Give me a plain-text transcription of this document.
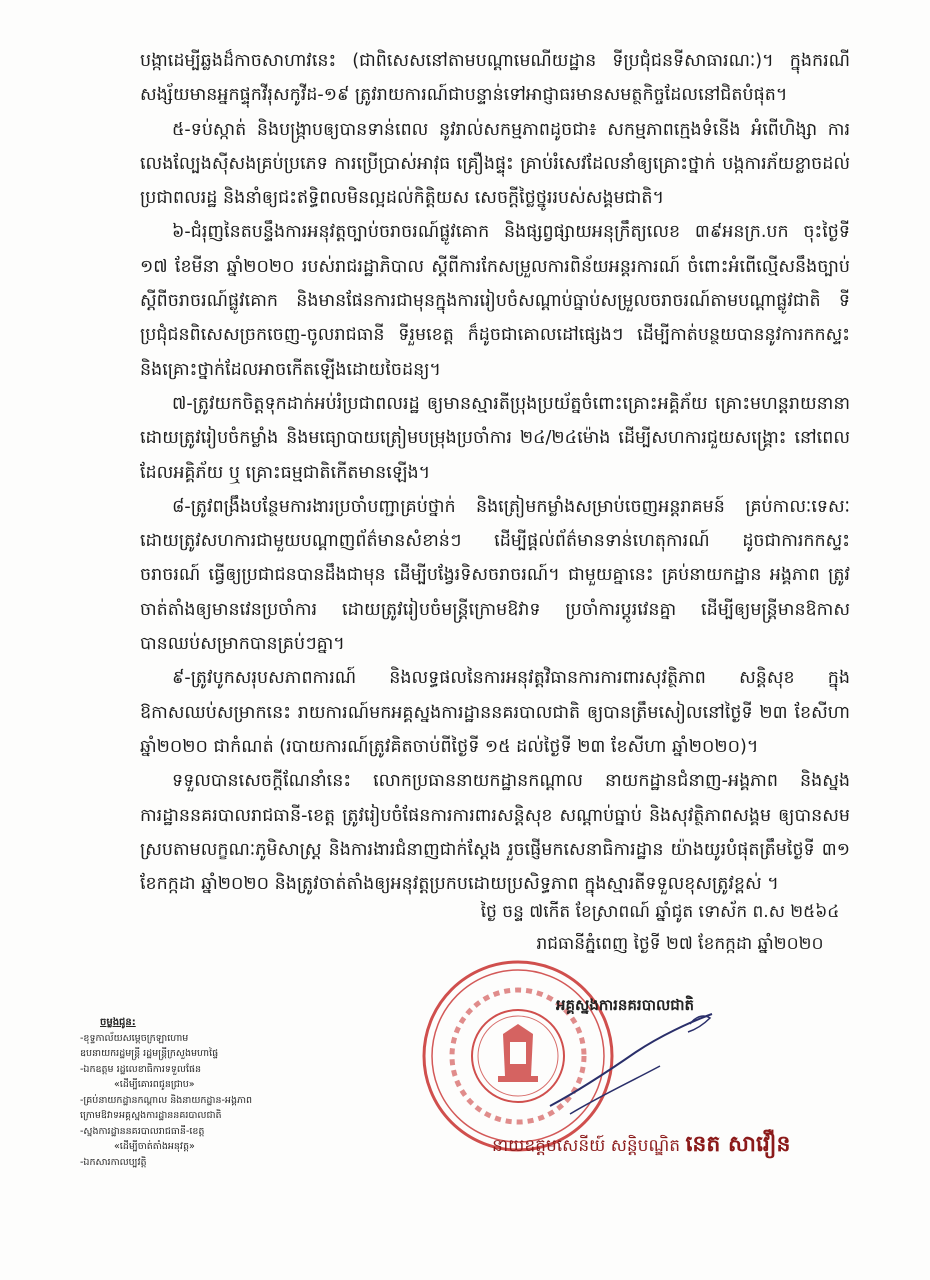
បង្កាដេម្បីឆ្លងដ៏កាចសាហាវនេះ (ជាពិសេសនៅតាមបណ្តាមេណីយដ្ឋាន ទីប្រជុំជនទីសាធារណៈ)។ ក្នុងករណីសង្ស័យមានអ្នកផ្ទុកវីរុសកូវីដ-១៩ ត្រូវរាយការណ៍ជាបន្ទាន់ទៅអាជ្ញាធរមានសមត្ថកិច្ចដែលនៅជិតបំផុត។

៥-ទប់ស្កាត់ និងបង្ក្រាបឲ្យបានទាន់ពេល នូវរាល់សកម្មភាពដូចជា៖ សកម្មភាពក្មេងទំនើង អំពើហិង្សា ការលេងល្បែងស៊ីសងគ្រប់ប្រភេទ ការប្រើប្រាស់អាវុធ គ្រឿងផ្ទុះ គ្រាប់រំសេវដែលនាំឲ្យគ្រោះថ្នាក់ បង្កការភ័យខ្លាចដល់ប្រជាពលរដ្ឋ និងនាំឲ្យជះឥទ្ធិពលមិនល្អដល់កិត្តិយស សេចក្តីថ្លៃថ្នូររបស់សង្គមជាតិ។

៦-ជំរុញនៃតបន្ទឹងការអនុវត្តច្បាប់ចរាចរណ៍ផ្លូវគោក និងផ្សព្វផ្សាយអនុក្រឹត្យលេខ ៣៩អនក្រ.បក ចុះថ្ងៃទី ១៧ ខែមីនា ឆ្នាំ២០២០ របស់រាជរដ្ឋាភិបាល ស្តីពីការកែសម្រួលការពិន័យអន្តរការណ៍ ចំពោះអំពើល្មើសនឹងច្បាប់ស្តីពីចរាចរណ៍ផ្លូវគោក និងមានផែនការជាមុនក្នុងការរៀបចំសណ្តាប់ធ្នាប់សម្រួលចរាចរណ៍តាមបណ្តាផ្លូវជាតិ ទីប្រជុំជនពិសេសច្រកចេញ-ចូលរាជធានី ទីរួមខេត្ត ក៏ដូចជាគោលដៅផ្សេងៗ ដើម្បីកាត់បន្ថយបាននូវការកកស្ទះ និងគ្រោះថ្នាក់ដែលអាចកើតឡើងដោយចៃដន្យ។

៧-ត្រូវយកចិត្តទុកដាក់អប់រំប្រជាពលរដ្ឋ ឲ្យមានស្មារតីប្រុងប្រយ័ត្នចំពោះគ្រោះអគ្គិភ័យ គ្រោះមហន្តរាយនានា ដោយត្រូវរៀបចំកម្លាំង និងមធ្យោបាយត្រៀមបម្រុងប្រចាំការ ២៤/២៤ម៉ោង ដើម្បីសហការជួយសង្គ្រោះ នៅពេលដែលអគ្គិភ័យ ឬ គ្រោះធម្មជាតិកើតមានឡើង។

៨-ត្រូវពង្រឹងបន្ថែមការងារប្រចាំបញ្ជាគ្រប់ថ្នាក់ និងត្រៀមកម្លាំងសម្រាប់ចេញអន្តរាគមន៍ គ្រប់កាលៈទេសៈ ដោយត្រូវសហការជាមួយបណ្តាញព័ត៌មានសំខាន់ៗ ដើម្បីផ្តល់ព័ត៌មានទាន់ហេតុការណ៍ ដូចជាការកកស្ទះចរាចរណ៍ ធ្វើឲ្យប្រជាជនបានដឹងជាមុន ដើម្បីបង្វែរទិសចរាចរណ៍។ ជាមួយគ្នានេះ គ្រប់នាយកដ្ឋាន អង្គភាព ត្រូវចាត់តាំងឲ្យមានវេនប្រចាំការ ដោយត្រូវរៀបចំមន្ត្រីក្រោមឱវាទ ប្រចាំការប្តូរវេនគ្នា ដើម្បីឲ្យមន្ត្រីមានឱកាសបានឈប់សម្រាកបានគ្រប់ៗគ្នា។

៩-ត្រូវបូកសរុបសភាពការណ៍ និងលទ្ធផលនៃការអនុវត្តវិធានការការពារសុវត្ថិភាព សន្តិសុខ ក្នុងឱកាសឈប់សម្រាកនេះ រាយការណ៍មកអគ្គស្នងការដ្ឋាននគរបាលជាតិ ឲ្យបានត្រឹមសៀលនៅថ្ងៃទី ២៣ ខែសីហា ឆ្នាំ២០២០ ជាកំណត់ (របាយការណ៍ត្រូវគិតចាប់ពីថ្ងៃទី ១៥ ដល់ថ្ងៃទី ២៣ ខែសីហា ឆ្នាំ២០២០)។

ទទួលបានសេចក្តីណែនាំនេះ លោកប្រធាននាយកដ្ឋានកណ្តាល នាយកដ្ឋានជំនាញ-អង្គភាព និងស្នងការដ្ឋាននគរបាលរាជធានី-ខេត្ត ត្រូវរៀបចំផែនការការពារសន្តិសុខ សណ្តាប់ធ្នាប់ និងសុវត្ថិភាពសង្គម ឲ្យបានសមស្របតាមលក្ខណៈភូមិសាស្ត្រ និងការងារជំនាញជាក់ស្តែង រួចផ្ញើមកសេនាធិការដ្ឋាន យ៉ាងយូរបំផុតត្រឹមថ្ងៃទី ៣១ ខែកក្កដា ឆ្នាំ២០២០ និងត្រូវចាត់តាំងឲ្យអនុវត្តប្រកបដោយប្រសិទ្ធភាព ក្នុងស្មារតីទទួលខុសត្រូវខ្ពស់ ។

ថ្ងៃ ចន្ទ ៧កើត ខែស្រាពណ៍ ឆ្នាំជូត ទោស័ក ព.ស ២៥៦៤
រាជធានីភ្នំពេញ ថ្ងៃទី ២៧ ខែកក្កដា ឆ្នាំ២០២០
អគ្គស្នងការនគរបាលជាតិ
នាយឧត្តមសេនីយ៍ សន្តិបណ្ឌិត នេត សាវឿន
ចម្លងជូន:
-ខុទ្ទកាល័យសម្តេចក្រឡាហោម
ឧបនាយករដ្ឋមន្ត្រី រដ្ឋមន្ត្រីក្រសួងមហាផ្ទៃ
-ឯកឧត្តម រដ្ឋលេខាធិការទទួលផែន
«ដើម្បីគោរពជូនជ្រាប»
-គ្រប់នាយកដ្ឋានកណ្តាល និងនាយកដ្ឋាន-អង្គភាព
ក្រោមឱវាទអគ្គស្នងការដ្ឋាននគរបាលជាតិ
-ស្នងការដ្ឋាននគរបាលរាជធានី-ខេត្ត
«ដើម្បីចាត់តាំងអនុវត្ត»
-ឯកសារកាលប្បវត្តិ
